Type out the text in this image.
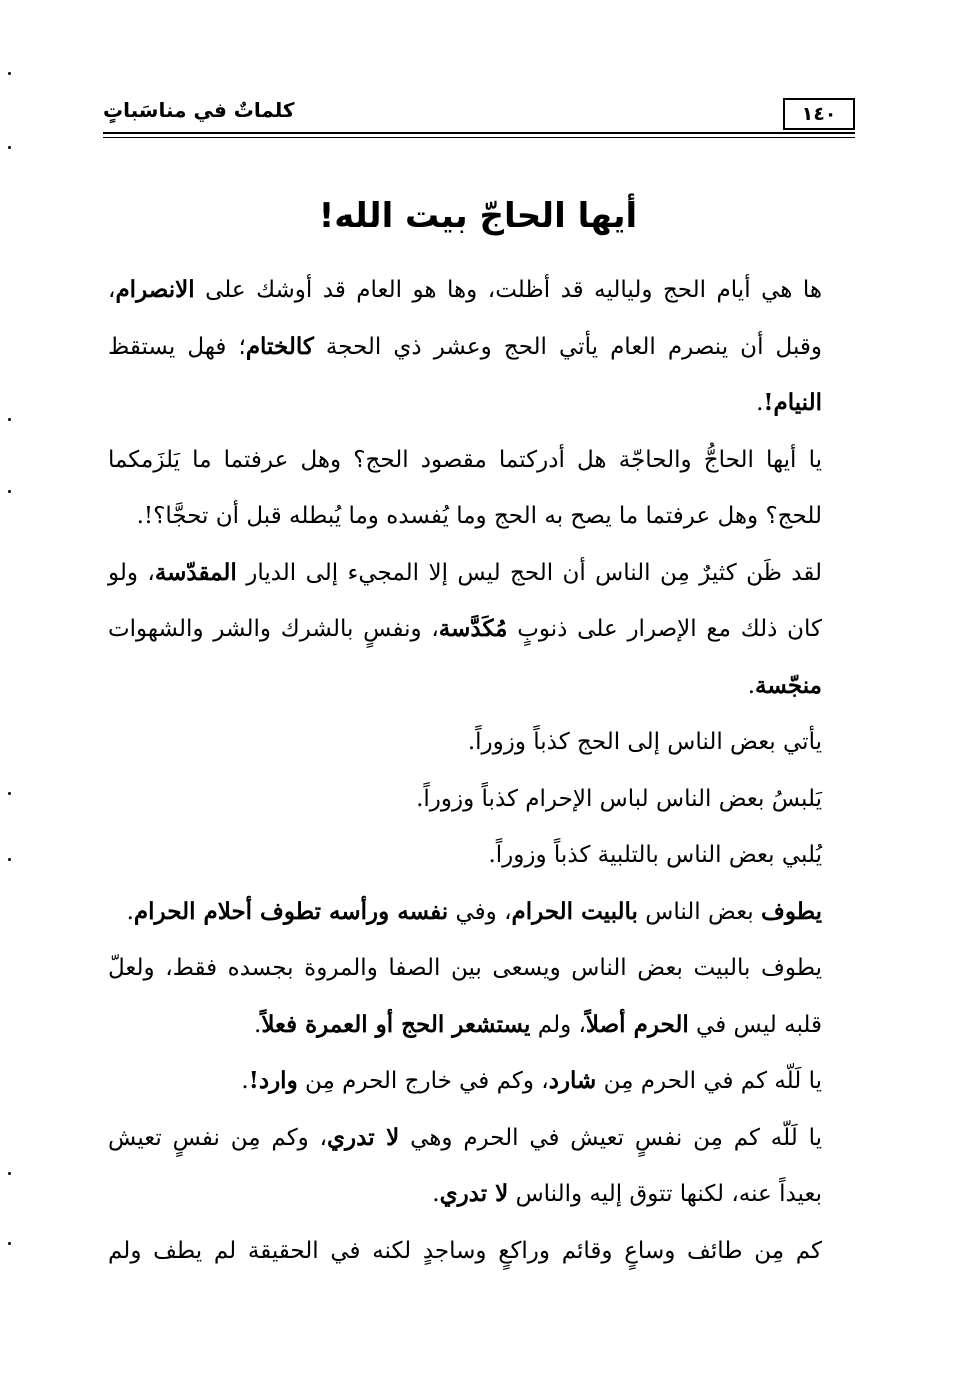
١٤٠
كلماتٌ في مناسَباتٍ
أيها الحاجّ بيت الله!

ها هي أيام الحج ولياليه قد أظلت، وها هو العام قد أوشك على الانصرام، وقبل أن ينصرم العام يأتي الحج وعشر ذي الحجة كالختام؛ فهل يستقظ النيام!.

يا أيها الحاجُّ والحاجّة هل أدركتما مقصود الحج؟ وهل عرفتما ما يَلزَمكما للحج؟ وهل عرفتما ما يصح به الحج وما يُفسده وما يُبطله قبل أن تحجَّا؟!.

لقد ظَن كثيرٌ مِن الناس أن الحج ليس إلا المجيء إلى الديار المقدّسة، ولو كان ذلك مع الإصرار على ذنوبٍ مُكَدَّسة، ونفسٍ بالشرك والشر والشهوات منجّسة.

يأتي بعض الناس إلى الحج كذباً وزوراً.

يَلبسُ بعض الناس لباس الإحرام كذباً وزوراً.

يُلبي بعض الناس بالتلبية كذباً وزوراً.

يطوف بعض الناس بالبيت الحرام، وفي نفسه ورأسه تطوف أحلام الحرام.

يطوف بالبيت بعض الناس ويسعى بين الصفا والمروة بجسده فقط، ولعلّ قلبه ليس في الحرم أصلاً، ولم يستشعر الحج أو العمرة فعلاً.

يا لَلّه كم في الحرم مِن شارد، وكم في خارج الحرم مِن وارد!.

يا لَلّه كم مِن نفسٍ تعيش في الحرم وهي لا تدري، وكم مِن نفسٍ تعيش بعيداً عنه، لكنها تتوق إليه والناس لا تدري.

كم مِن طائف وساعٍ وقائم وراكعٍ وساجدٍ لكنه في الحقيقة لم يطف ولم
